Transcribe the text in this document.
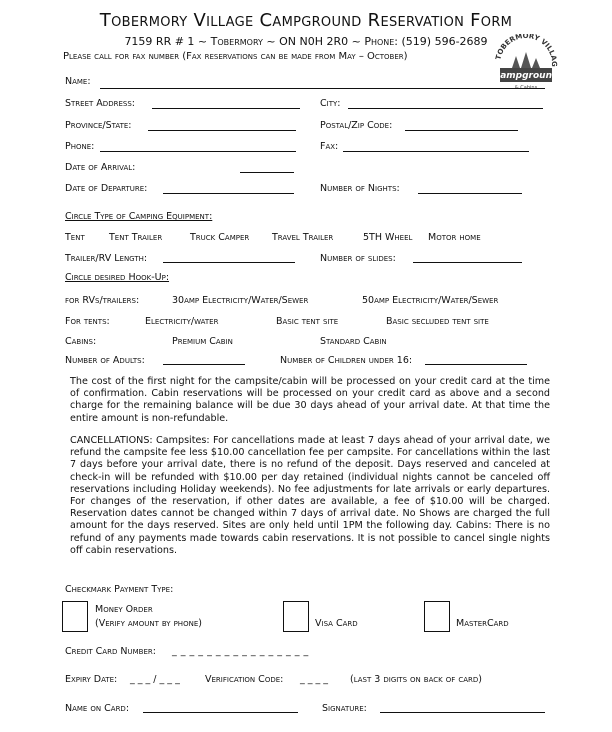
Tobermory Village Campground Reservation Form
7159 RR # 1 ~ Tobermory ~ ON N0H 2R0 ~ Phone: (519) 596-2689
Please call for fax number (Fax reservations can be made from May – October)	TOBERMORY VILLAG
Campground
& Cabins
Name:
Street Address:	City:
Province/State:	Postal/Zip Code:
Phone:	Fax:
Date of Arrival:
Date of Departure:	Number of Nights:
Circle Type of Camping Equipment:
Tent	Tent Trailer	Truck Camper Travel Trailer	5TH Wheel Motor home
Trailer/RV Length:	Number of slides:
Circle desired Hook-Up:
for RVs/trailers:	30amp Electricity/Water/Sewer	50amp Electricity/Water/Sewer
For tents:	Electricity/water	Basic tent site	Basic secluded tent site
Cabins:	Premium Cabin	Standard Cabin
Number of Adults:	Number of Children under 16:
The cost of the first night for the campsite/cabin will be processed on your credit card at the time of confirmation. Cabin reservations will be processed on your credit card as above and a second charge for the remaining balance will be due 30 days ahead of your arrival date. At that time the entire amount is non-refundable.
CANCELLATIONS: Campsites: For cancellations made at least 7 days ahead of your arrival date, we refund the campsite fee less $10.00 cancellation fee per campsite. For cancellations within the last 7 days before your arrival date, there is no refund of the deposit. Days reserved and canceled at check-in will be refunded with $10.00 per day retained (individual nights cannot be canceled off reservations including Holiday weekends). No fee adjustments for late arrivals or early departures. For changes of the reservation, if other dates are available, a fee of $10.00 will be charged. Reservation dates cannot be changed within 7 days of arrival date. No Shows are charged the full amount for the days reserved. Sites are only held until 1PM the following day. Cabins: There is no refund of any payments made towards cabin reservations. It is not possible to cancel single nights off cabin reservations.
Checkmark Payment Type:
Money Order
(Verify amount by phone)	Visa Card	MasterCard
Credit Card Number: _ _ _ _ _ _ _ _ _ _ _ _ _ _ _ _
Expiry Date: _ _ _ / _ _ _	Verification Code: _ _ _ _ (last 3 digits on back of card)
Name on Card:	Signature:
